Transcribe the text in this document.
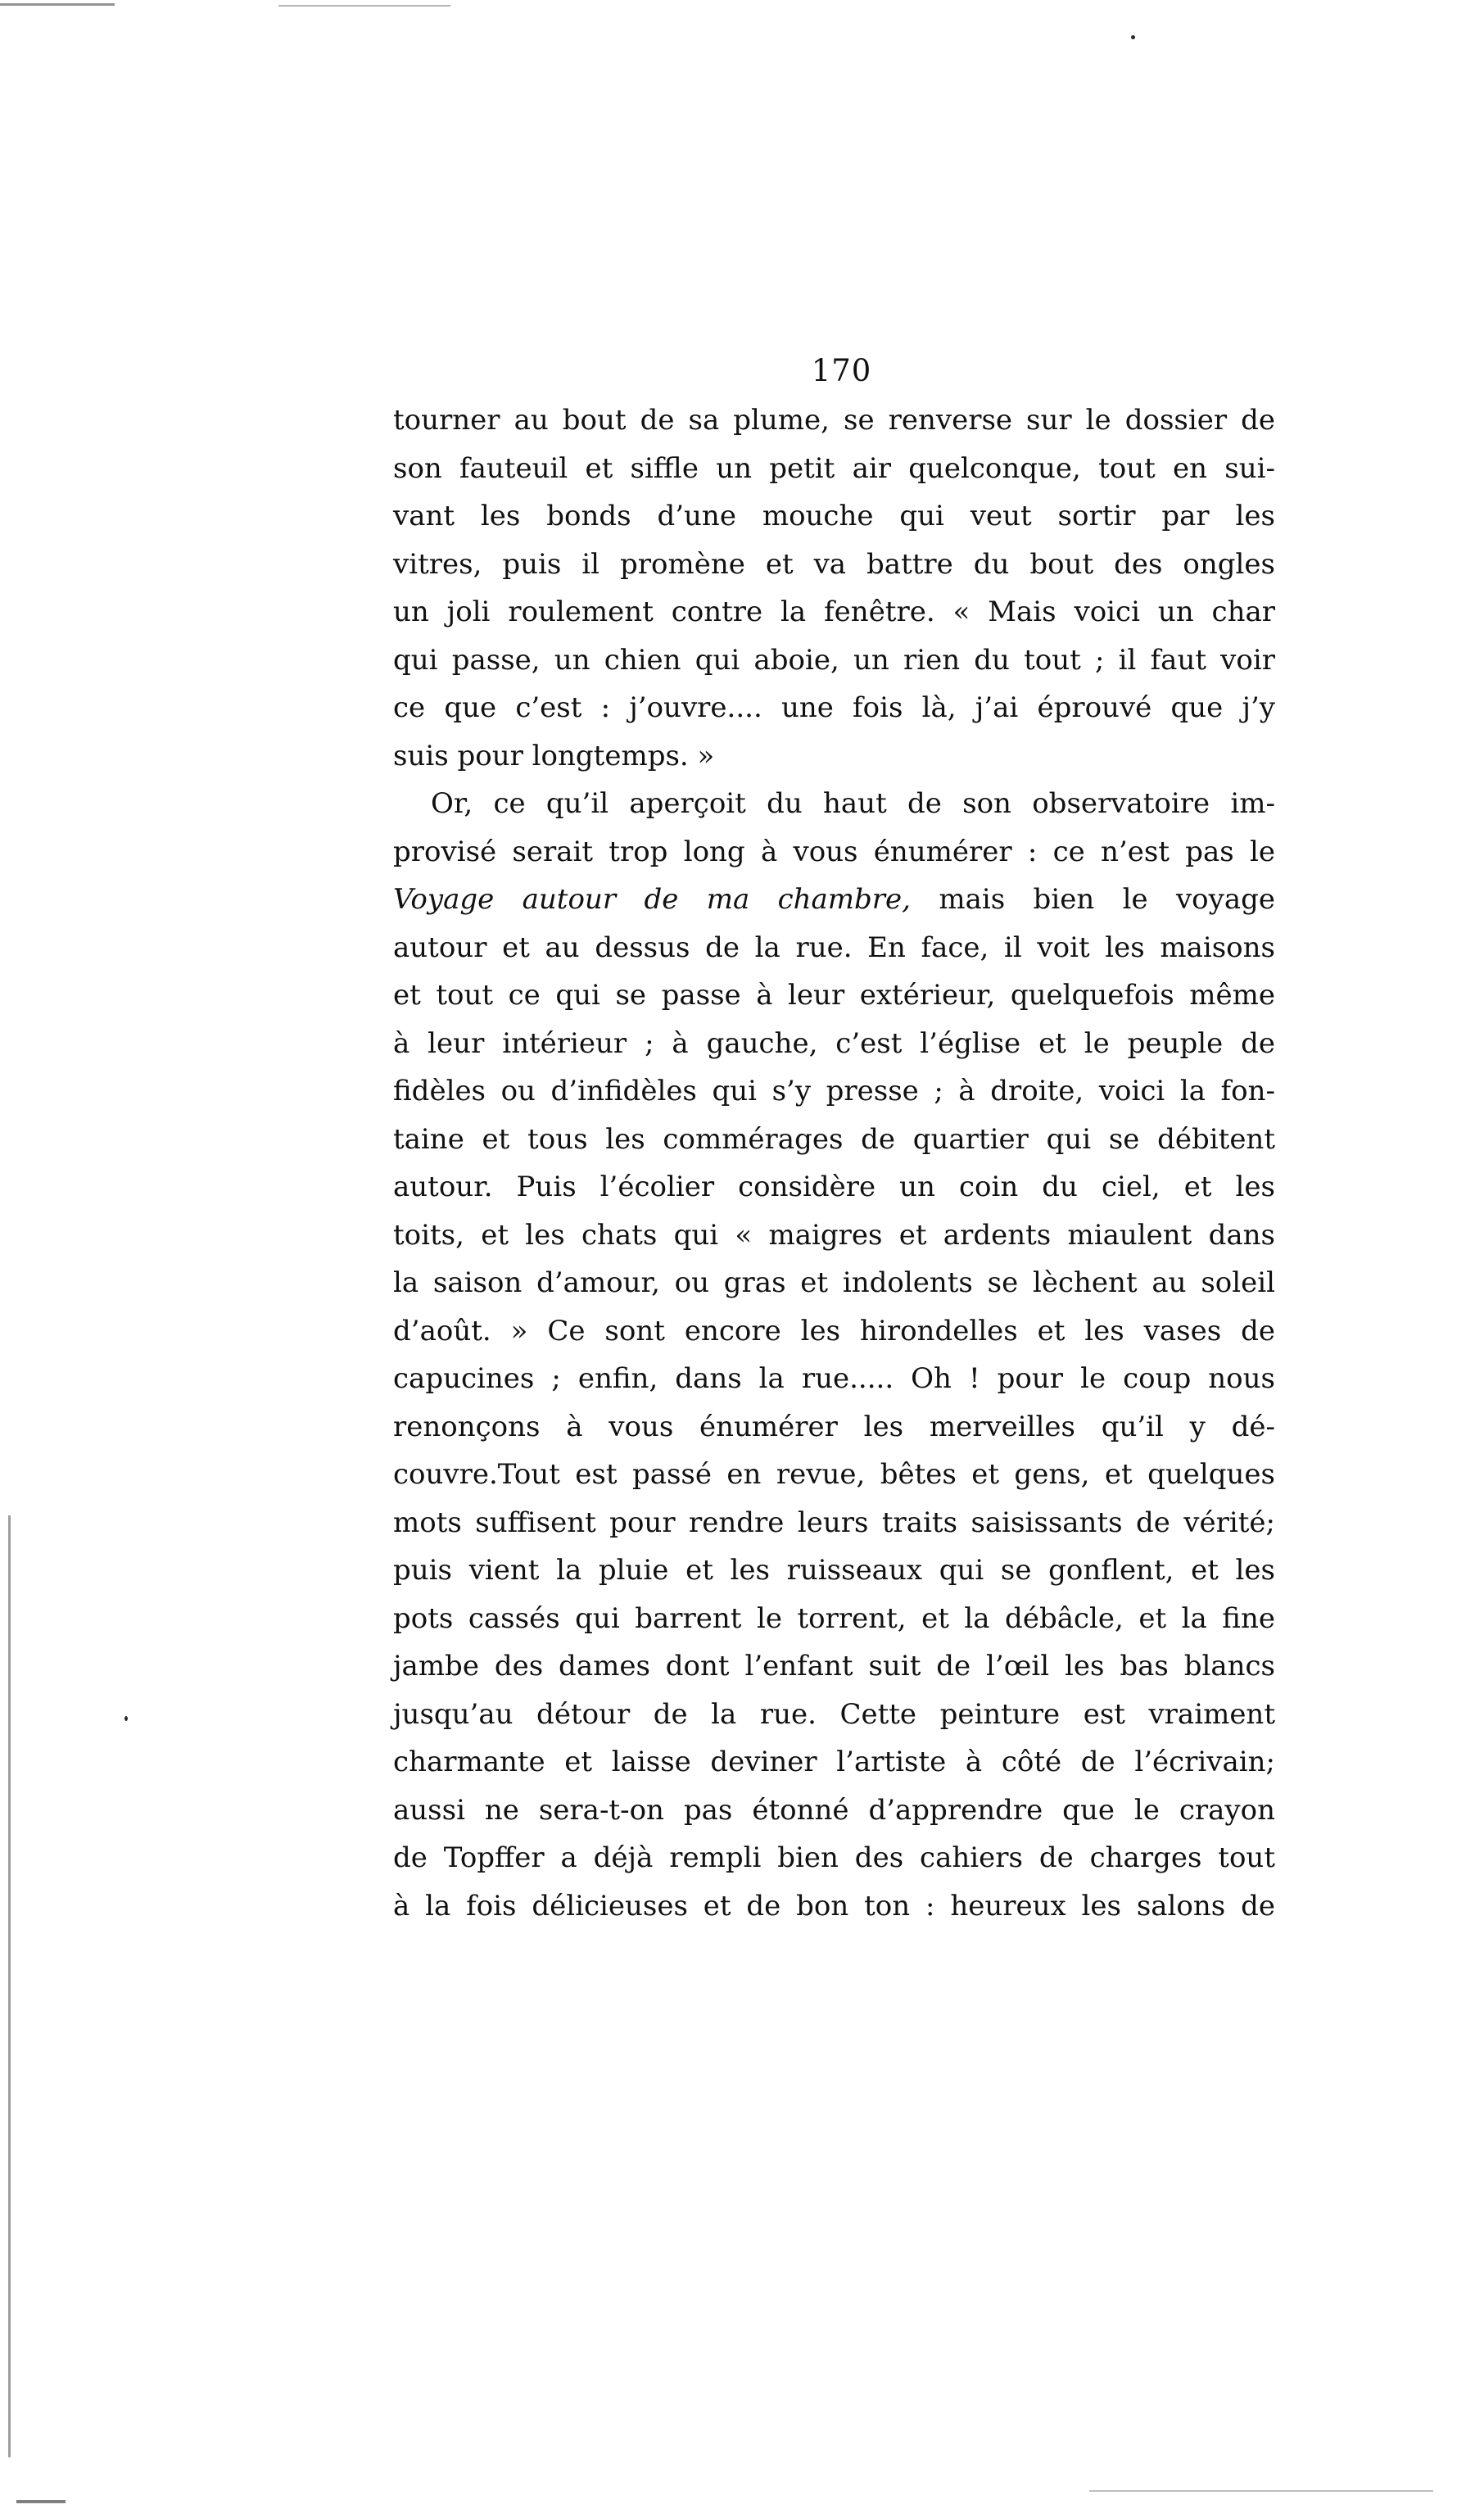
170

tourner au bout de sa plume, se renverse sur le dossier de
son fauteuil et siffle un petit air quelconque, tout en sui-
vant les bonds d’une mouche qui veut sortir par les
vitres, puis il promène et va battre du bout des ongles
un joli roulement contre la fenêtre. « Mais voici un char
qui passe, un chien qui aboie, un rien du tout ; il faut voir
ce que c’est : j’ouvre.... une fois là, j’ai éprouvé que j’y
suis pour longtemps. »

Or, ce qu’il aperçoit du haut de son observatoire im-
provisé serait trop long à vous énumérer : ce n’est pas le
Voyage autour de ma chambre, mais bien le voyage
autour et au dessus de la rue. En face, il voit les maisons
et tout ce qui se passe à leur extérieur, quelquefois même
à leur intérieur ; à gauche, c’est l’église et le peuple de
fidèles ou d’infidèles qui s’y presse ; à droite, voici la fon-
taine et tous les commérages de quartier qui se débitent
autour. Puis l’écolier considère un coin du ciel, et les
toits, et les chats qui « maigres et ardents miaulent dans
la saison d’amour, ou gras et indolents se lèchent au soleil
d’août. » Ce sont encore les hirondelles et les vases de
capucines ; enfin, dans la rue..... Oh ! pour le coup nous
renonçons à vous énumérer les merveilles qu’il y dé-
couvre.Tout est passé en revue, bêtes et gens, et quelques
mots suffisent pour rendre leurs traits saisissants de vérité;
puis vient la pluie et les ruisseaux qui se gonflent, et les
pots cassés qui barrent le torrent, et la débâcle, et la fine
jambe des dames dont l’enfant suit de l’œil les bas blancs
jusqu’au détour de la rue. Cette peinture est vraiment
charmante et laisse deviner l’artiste à côté de l’écrivain;
aussi ne sera-t-on pas étonné d’apprendre que le crayon
de Topffer a déjà rempli bien des cahiers de charges tout
à la fois délicieuses et de bon ton : heureux les salons de
